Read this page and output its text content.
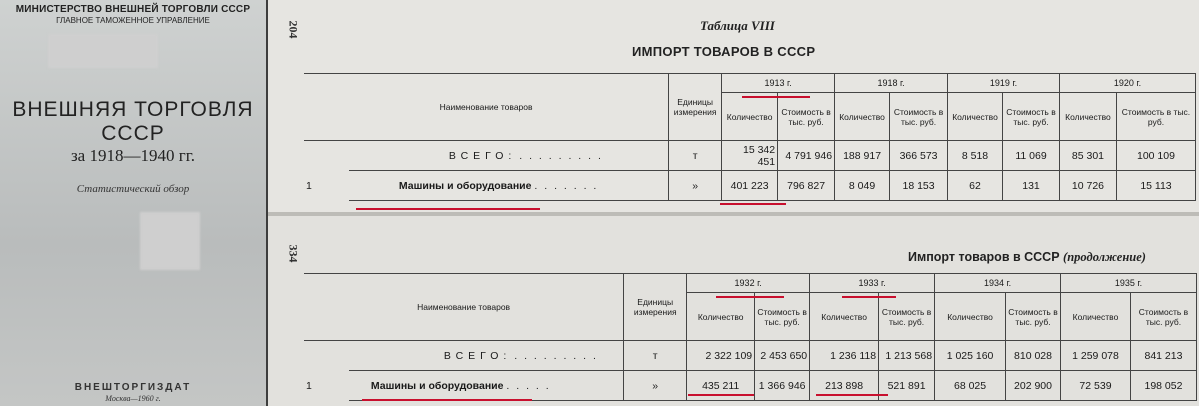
МИНИСТЕРСТВО ВНЕШНЕЙ ТОРГОВЛИ СССР
ГЛАВНОЕ ТАМОЖЕННОЕ УПРАВЛЕНИЕ
ВНЕШНЯЯ ТОРГОВЛЯ
СССР
за 1918—1940 гг.
Статистический обзор
ВНЕШТОРГИЗДАТ
Москва—1960 г.
204	Таблица VIII
ИМПОРТ ТОВАРОВ В СССР
Наименование товаров		Единицы измерения	1913 г.		1918 г.		1919 г.		1920 г.	
			Количество	Стоимость в тыс. руб.	Количество	Стоимость в тыс. руб.	Количество	Стоимость в тыс. руб.	Количество	Стоимость в тыс. руб.
	ВСЕГО: . . . . . . . . .	т	15 342 451	4 791 946	188 917	366 573	8 518	11 069	85 301	100 109
1	Машины и оборудование . . . . . . .	»	401 223	796 827	8 049	18 153	62	131	10 726	15 113
334	Импорт товаров в СССР (продолжение)
Наименование товаров		Единицы измерения	1932 г.		1933 г.		1934 г.		1935 г.	
			Количество	Стоимость в тыс. руб.	Количество	Стоимость в тыс. руб.	Количество	Стоимость в тыс. руб.	Количество	Стоимость в тыс. руб.
	ВСЕГО: . . . . . . . . .	т	2 322 109	2 453 650	1 236 118	1 213 568	1 025 160	810 028	1 259 078	841 213
1	Машины и оборудование . . . . .	»	435 211	1 366 946	213 898	521 891	68 025	202 900	72 539	198 052
